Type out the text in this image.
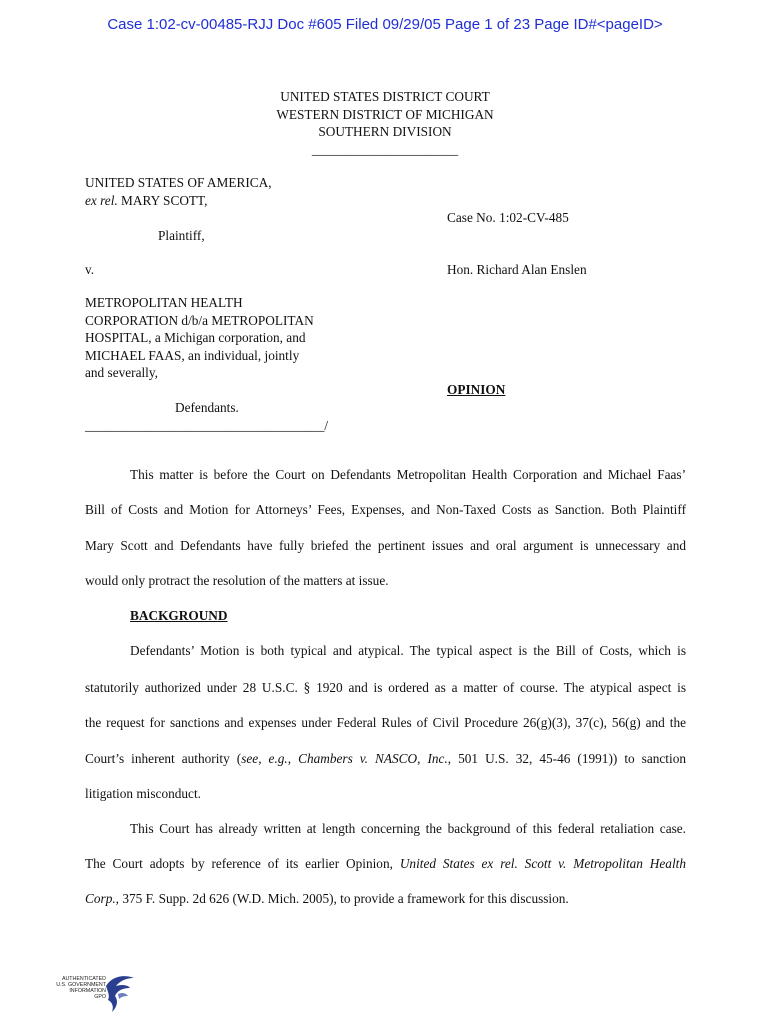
Case 1:02-cv-00485-RJJ Doc #605 Filed 09/29/05 Page 1 of 23 Page ID#<pageID>
UNITED STATES DISTRICT COURT
WESTERN DISTRICT OF MICHIGAN
SOUTHERN DIVISION
______________________
UNITED STATES OF AMERICA,
ex rel. MARY SCOTT,
Plaintiff,
v.
METROPOLITAN HEALTH
CORPORATION d/b/a METROPOLITAN
HOSPITAL, a Michigan corporation, and
MICHAEL FAAS, an individual, jointly
and severally,
Defendants.
____________________________________/
Case No. 1:02-CV-485
Hon. Richard Alan Enslen
OPINION
This matter is before the Court on Defendants Metropolitan Health Corporation and Michael Faas’
Bill of Costs and Motion for Attorneys’ Fees, Expenses, and Non-Taxed Costs as Sanction. Both Plaintiff
Mary Scott and Defendants have fully briefed the pertinent issues and oral argument is unnecessary and
would only protract the resolution of the matters at issue.
BACKGROUND
Defendants’ Motion is both typical and atypical. The typical aspect is the Bill of Costs, which is
statutorily authorized under 28 U.S.C. § 1920 and is ordered as a matter of course. The atypical aspect is
the request for sanctions and expenses under Federal Rules of Civil Procedure 26(g)(3), 37(c), 56(g) and the
Court’s inherent authority (see, e.g., Chambers v. NASCO, Inc., 501 U.S. 32, 45-46 (1991)) to sanction
litigation misconduct.
This Court has already written at length concerning the background of this federal retaliation case.
The Court adopts by reference of its earlier Opinion, United States ex rel. Scott v. Metropolitan Health
Corp., 375 F. Supp. 2d 626 (W.D. Mich. 2005), to provide a framework for this discussion.
AUTHENTICATED
U.S. GOVERNMENT
INFORMATION
GPO
